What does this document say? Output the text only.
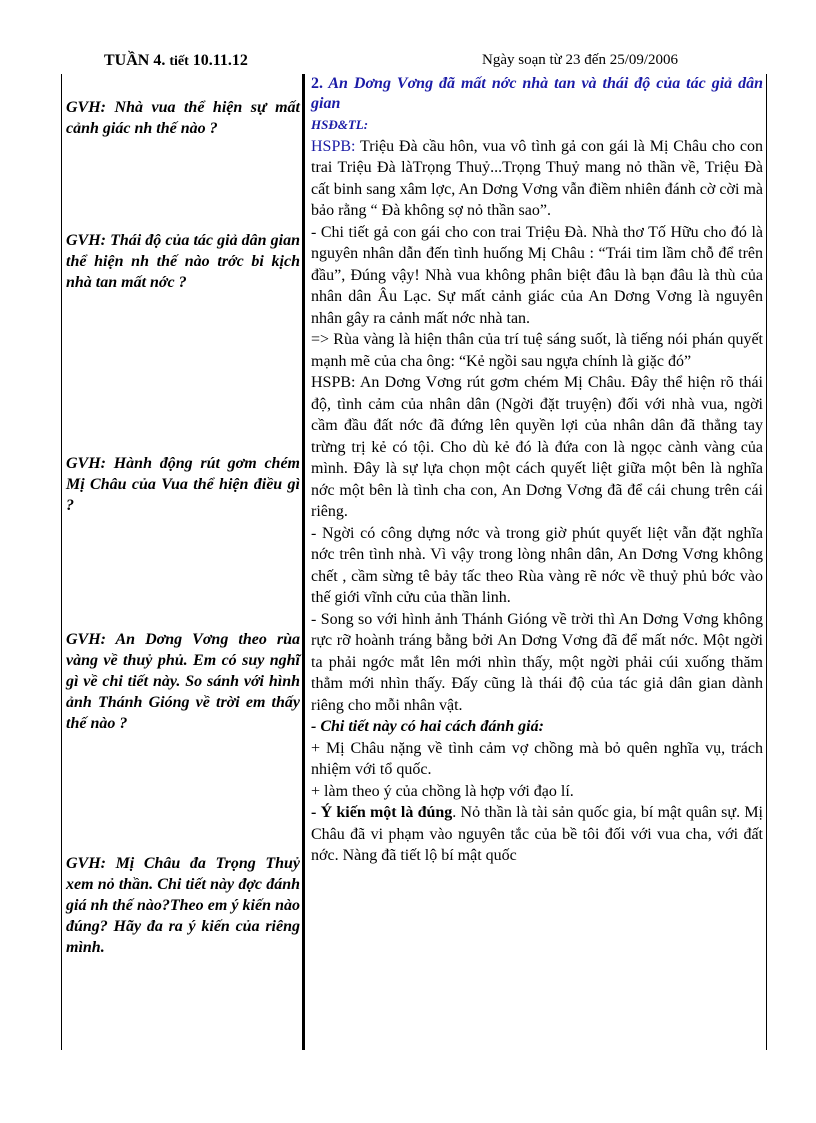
TUẦN 4. tiết 10.11.12	Ngày soạn từ 23 đến 25/09/2006
GVH: Nhà vua thể hiện sự mất cảnh giác nh thế nào ?
GVH: Thái độ của tác giả dân gian thể hiện nh thế nào trớc bi kịch nhà tan mất nớc ?
GVH: Hành động rút gơm chém Mị Châu của Vua thể hiện điều gì ?
GVH: An Dơng Vơng theo rùa vàng về thuỷ phủ. Em có suy nghĩ gì về chi tiết này. So sánh với hình ảnh Thánh Gióng về trời em thấy thế nào ?
GVH: Mị Châu đa Trọng Thuỷ xem nỏ thần. Chi tiết này đợc đánh giá nh thế nào?Theo em ý kiến nào đúng? Hãy đa ra ý kiến của riêng mình.

2. An Dơng Vơng đã mất nớc nhà tan và thái độ của tác giả dân gian

HSĐ&TL:

HSPB: Triệu Đà cầu hôn, vua vô tình gả con gái là Mị Châu cho con trai Triệu Đà làTrọng Thuỷ...Trọng Thuỷ mang nỏ thần về, Triệu Đà cất binh sang xâm lợc, An Dơng Vơng vẫn điềm nhiên đánh cờ cời mà bảo rằng “ Đà không sợ nỏ thần sao”.

- Chi tiết gả con gái cho con trai Triệu Đà. Nhà thơ Tố Hữu cho đó là nguyên nhân dẫn đến tình huống Mị Châu : “Trái tim lầm chỗ để trên đầu”, Đúng vậy! Nhà vua không phân biệt đâu là bạn đâu là thù của nhân dân Âu Lạc. Sự mất cảnh giác của An Dơng Vơng là nguyên nhân gây ra cảnh mất nớc nhà tan.

=> Rùa vàng là hiện thân của trí tuệ sáng suốt, là tiếng nói phán quyết mạnh mẽ của cha ông: “Kẻ ngồi sau ngựa chính là giặc đó”

HSPB: An Dơng Vơng rút gơm chém Mị Châu. Đây thể hiện rõ thái độ, tình cảm của nhân dân (Ngời đặt truyện) đối với nhà vua, ngời cầm đầu đất nớc đã đứng lên quyền lợi của nhân dân đã thẳng tay trừng trị kẻ có tội. Cho dù kẻ đó là đứa con là ngọc cành vàng của mình. Đây là sự lựa chọn một cách quyết liệt giữa một bên là nghĩa nớc một bên là tình cha con, An Dơng Vơng đã để cái chung trên cái riêng.

- Ngời có công dựng nớc và trong giờ phút quyết liệt vẫn đặt nghĩa nớc trên tình nhà. Vì vậy trong lòng nhân dân, An Dơng Vơng không chết , cầm sừng tê bảy tấc theo Rùa vàng rẽ nớc về thuỷ phủ bớc vào thế giới vĩnh cửu của thần linh.

- Song so với hình ảnh Thánh Gióng về trời thì An Dơng Vơng không rực rỡ hoành tráng bằng bởi An Dơng Vơng đã để mất nớc. Một ngời ta phải ngớc mắt lên mới nhìn thấy, một ngời phải cúi xuống thăm thẳm mới nhìn thấy. Đấy cũng là thái độ của tác giả dân gian dành riêng cho mỗi nhân vật.

- Chi tiết này có hai cách đánh giá:

+ Mị Châu nặng về tình cảm vợ chồng mà bỏ quên nghĩa vụ, trách nhiệm với tổ quốc.

+ làm theo ý của chồng là hợp với đạo lí.

- Ý kiến một là đúng. Nỏ thần là tài sản quốc gia, bí mật quân sự. Mị Châu đã vi phạm vào nguyên tắc của bề tôi đối với vua cha, với đất nớc. Nàng đã tiết lộ bí mật quốc
